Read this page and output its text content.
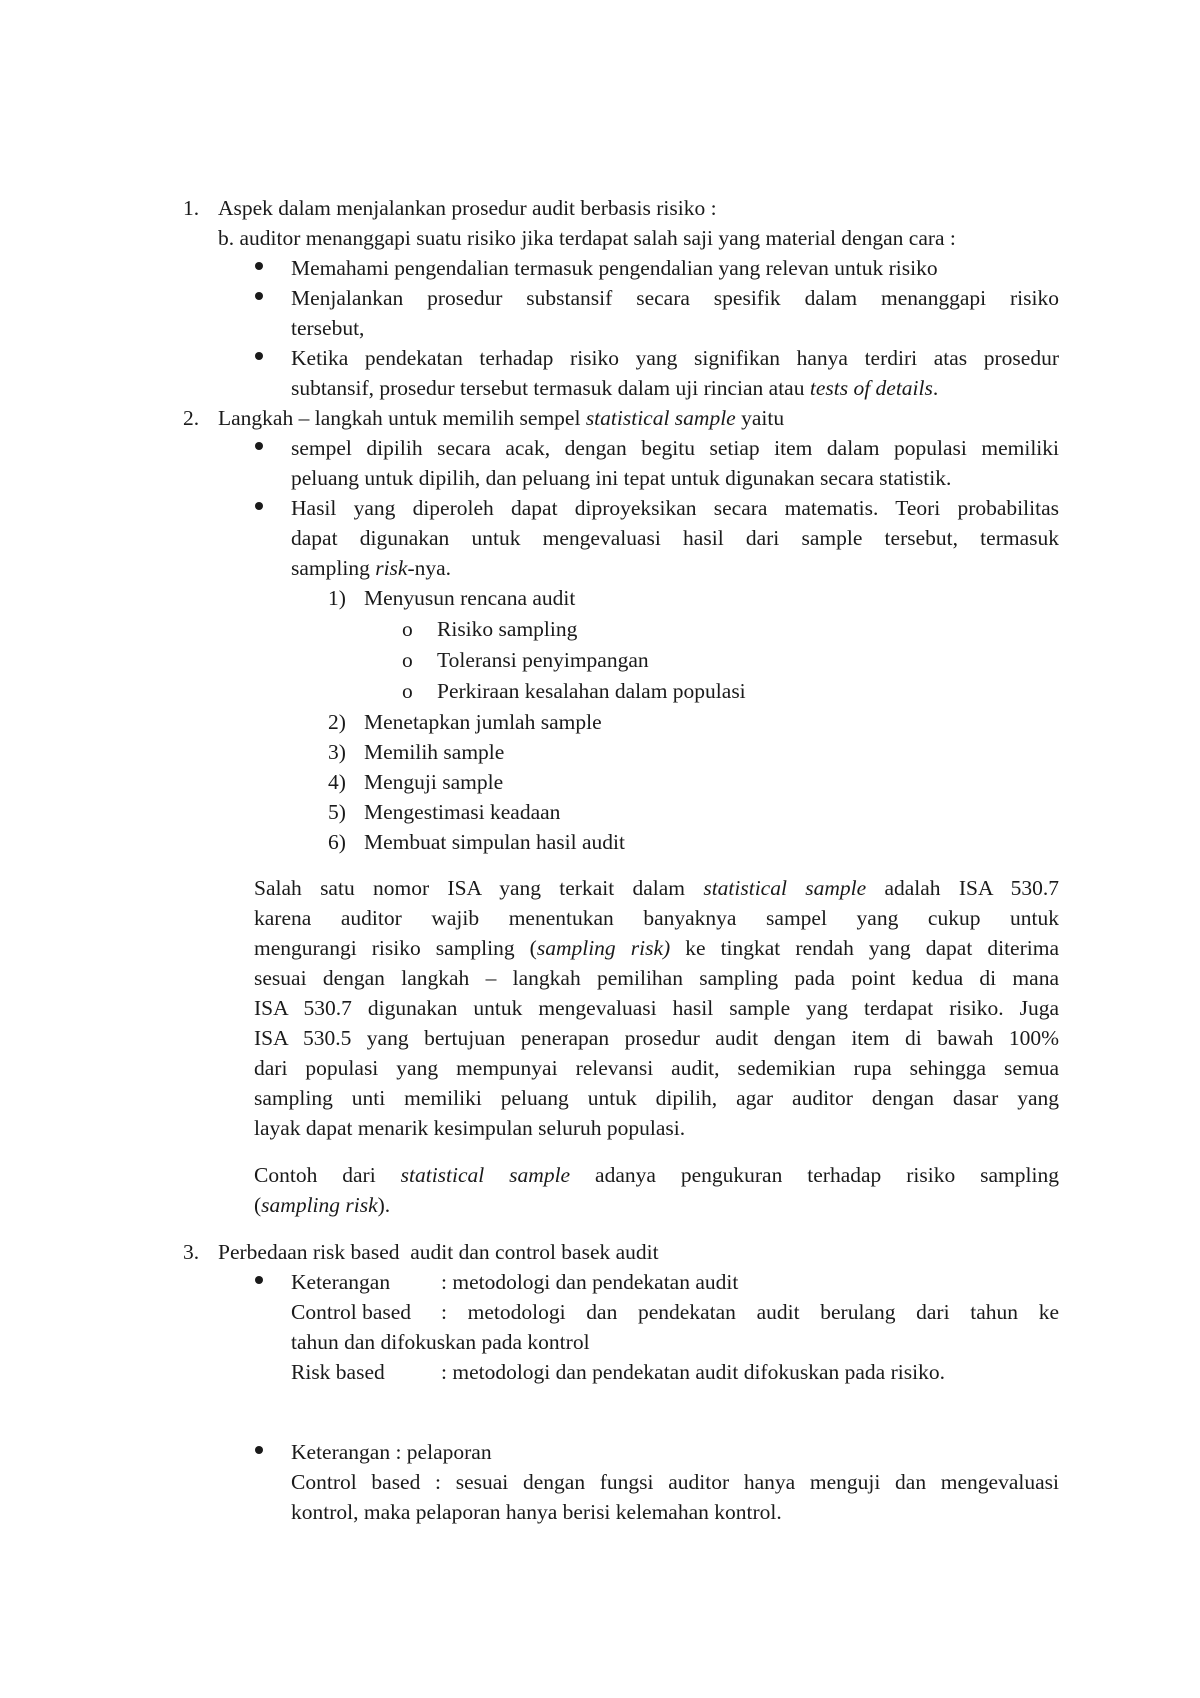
1. Aspek dalam menjalankan prosedur audit berbasis risiko :
b. auditor menanggapi suatu risiko jika terdapat salah saji yang material dengan cara :
Memahami pengendalian termasuk pengendalian yang relevan untuk risiko
Menjalankan prosedur substansif secara spesifik dalam menanggapi risiko
tersebut,
Ketika pendekatan terhadap risiko yang signifikan hanya terdiri atas prosedur
subtansif, prosedur tersebut termasuk dalam uji rincian atau tests of details.
2. Langkah – langkah untuk memilih sempel statistical sample yaitu
sempel dipilih secara acak, dengan begitu setiap item dalam populasi memiliki
peluang untuk dipilih, dan peluang ini tepat untuk digunakan secara statistik.
Hasil yang diperoleh dapat diproyeksikan secara matematis. Teori probabilitas
dapat digunakan untuk mengevaluasi hasil dari sample tersebut, termasuk
sampling risk-nya.
1) Menyusun rencana audit
o Risiko sampling
o Toleransi penyimpangan
o Perkiraan kesalahan dalam populasi
2) Menetapkan jumlah sample
3) Memilih sample
4) Menguji sample
5) Mengestimasi keadaan
6) Membuat simpulan hasil audit
Salah satu nomor ISA yang terkait dalam statistical sample adalah ISA 530.7
karena auditor wajib menentukan banyaknya sampel yang cukup untuk
mengurangi risiko sampling (sampling risk) ke tingkat rendah yang dapat diterima
sesuai dengan langkah – langkah pemilihan sampling pada point kedua di mana
ISA 530.7 digunakan untuk mengevaluasi hasil sample yang terdapat risiko. Juga
ISA 530.5 yang bertujuan penerapan prosedur audit dengan item di bawah 100%
dari populasi yang mempunyai relevansi audit, sedemikian rupa sehingga semua
sampling unti memiliki peluang untuk dipilih, agar auditor dengan dasar yang
layak dapat menarik kesimpulan seluruh populasi.
Contoh dari statistical sample adanya pengukuran terhadap risiko sampling
(sampling risk).
3. Perbedaan risk based  audit dan control basek audit
Keterangan : metodologi dan pendekatan audit
Control based : metodologi dan pendekatan audit berulang dari tahun ke
tahun dan difokuskan pada kontrol
Risk based	: metodologi dan pendekatan audit difokuskan pada risiko.
Keterangan : pelaporan
Control based : sesuai dengan fungsi auditor hanya menguji dan mengevaluasi
kontrol, maka pelaporan hanya berisi kelemahan kontrol.
